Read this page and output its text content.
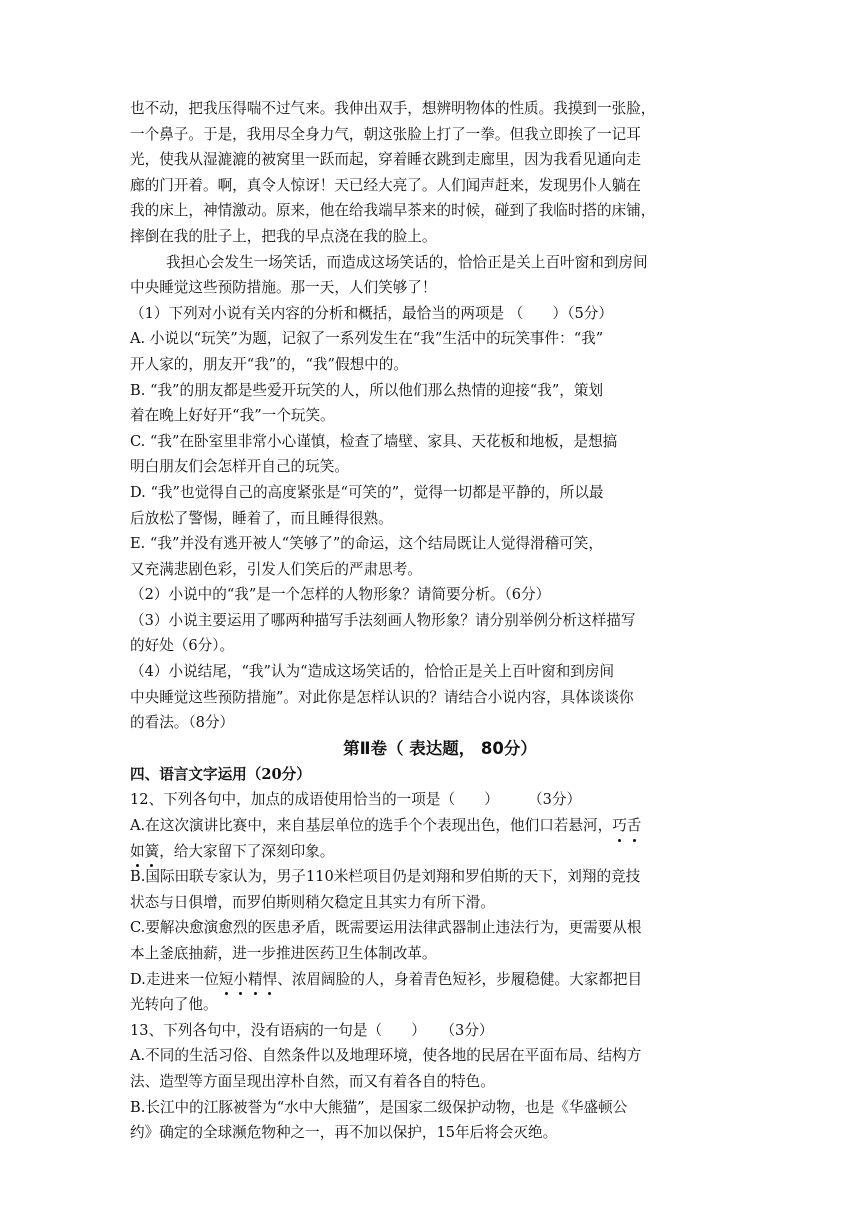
也不动，把我压得喘不过气来。我伸出双手，想辨明物体的性质。我摸到一张脸，

一个鼻子。于是，我用尽全身力气，朝这张脸上打了一拳。但我立即挨了一记耳

光，使我从湿漉漉的被窝里一跃而起，穿着睡衣跳到走廊里，因为我看见通向走

廊的门开着。啊，真令人惊讶！天已经大亮了。人们闻声赶来，发现男仆人躺在

我的床上，神情激动。原来，他在给我端早茶来的时候，碰到了我临时搭的床铺，

摔倒在我的肚子上，把我的早点浇在我的脸上。

我担心会发生一场笑话，而造成这场笑话的，恰恰正是关上百叶窗和到房间

中央睡觉这些预防措施。那一天，人们笑够了！

（1）下列对小说有关内容的分析和概括，最恰当的两项是 （　　）（5分）

A. 小说以“玩笑”为题，记叙了一系列发生在“我”生活中的玩笑事件：“我”

开人家的，朋友开“我”的，“我”假想中的。

B. “我”的朋友都是些爱开玩笑的人，所以他们那么热情的迎接“我”，策划

着在晚上好好开“我”一个玩笑。

C. “我”在卧室里非常小心谨慎，检查了墙壁、家具、天花板和地板，是想搞

明白朋友们会怎样开自己的玩笑。

D. “我”也觉得自己的高度紧张是“可笑的”，觉得一切都是平静的，所以最

后放松了警惕，睡着了，而且睡得很熟。

E. “我”并没有逃开被人“笑够了”的命运，这个结局既让人觉得滑稽可笑，

又充满悲剧色彩，引发人们笑后的严肃思考。

（2）小说中的“我”是一个怎样的人物形象？请简要分析。（6分）

（3）小说主要运用了哪两种描写手法刻画人物形象？请分别举例分析这样描写

的好处（6分）。

（4）小说结尾，“我”认为“造成这场笑话的，恰恰正是关上百叶窗和到房间

中央睡觉这些预防措施”。对此你是怎样认识的？请结合小说内容，具体谈谈你

的看法。（8分）

第Ⅱ卷（ 表达题， 80分）

四、语言文字运用（20分）

12、下列各句中，加点的成语使用恰当的一项是（　　）　　　（3分）

A.在这次演讲比赛中，来自基层单位的选手个个表现出色，他们口若悬河，巧舌

如簧，给大家留下了深刻印象。

B.国际田联专家认为，男子110米栏项目仍是刘翔和罗伯斯的天下，刘翔的竞技

状态与日俱增，而罗伯斯则稍欠稳定且其实力有所下滑。

C.要解决愈演愈烈的医患矛盾，既需要运用法律武器制止违法行为，更需要从根

本上釜底抽薪，进一步推进医药卫生体制改革。

D.走进来一位短小精悍、浓眉阔脸的人，身着青色短衫，步履稳健。大家都把目

光转向了他。

13、下列各句中，没有语病的一句是（　　）　　（3分）

A.不同的生活习俗、自然条件以及地理环境，使各地的民居在平面布局、结构方

法、造型等方面呈现出淳朴自然，而又有着各自的特色。

B.长江中的江豚被誉为“水中大熊猫”，是国家二级保护动物，也是《华盛顿公

约》确定的全球濒危物种之一，再不加以保护，15年后将会灭绝。
